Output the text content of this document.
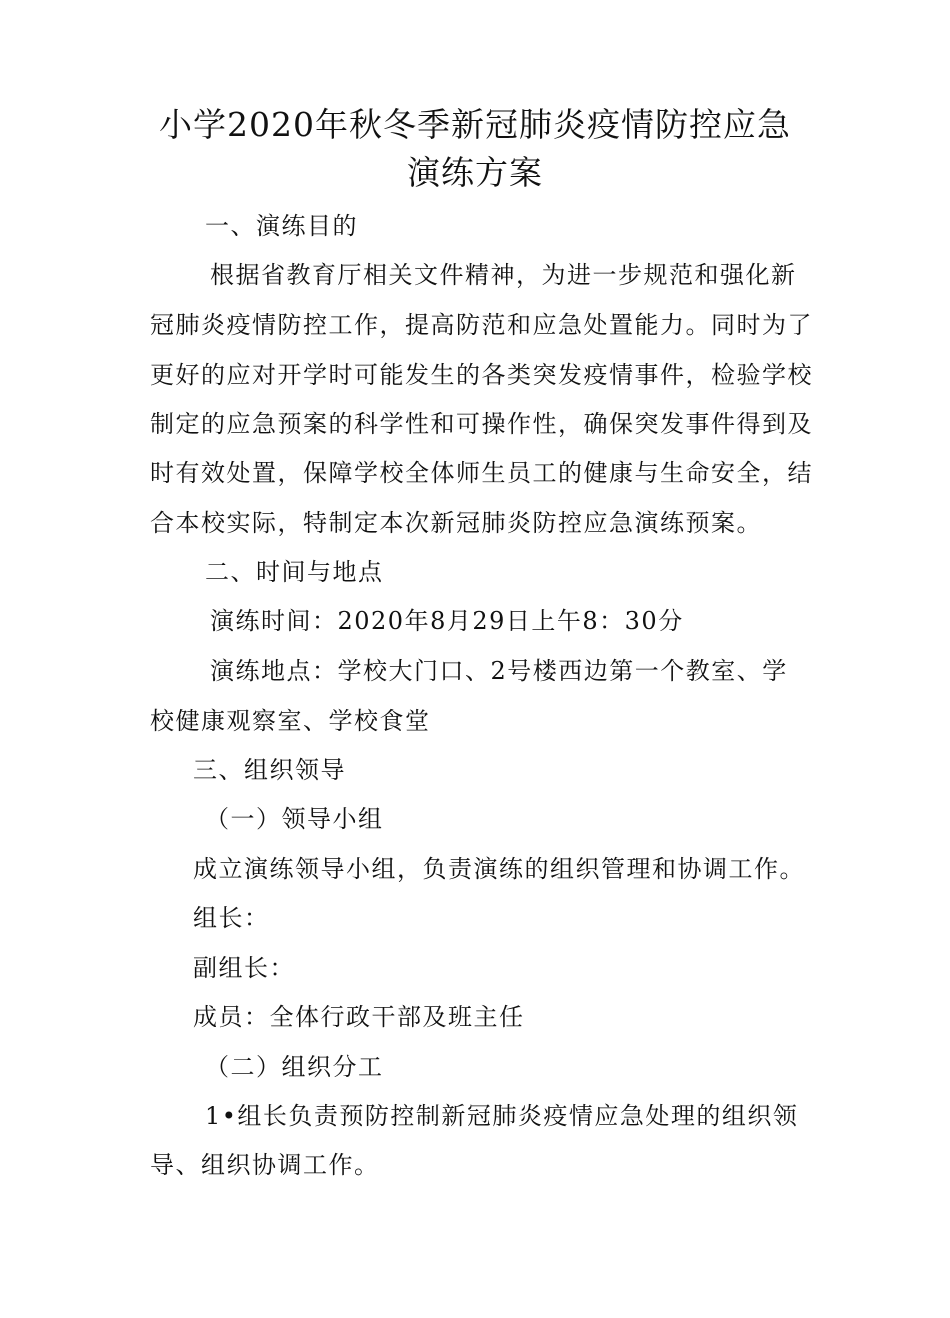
小学2020年秋冬季新冠肺炎疫情防控应急
演练方案

一、演练目的

根据省教育厅相关文件精神，为进一步规范和强化新

冠肺炎疫情防控工作，提高防范和应急处置能力。同时为了

更好的应对开学时可能发生的各类突发疫情事件，检验学校

制定的应急预案的科学性和可操作性，确保突发事件得到及

时有效处置，保障学校全体师生员工的健康与生命安全，结

合本校实际，特制定本次新冠肺炎防控应急演练预案。

二、时间与地点

演练时间：2020年8月29日上午8：30分

演练地点：学校大门口、2号楼西边第一个教室、学

校健康观察室、学校食堂

三、组织领导

（一）领导小组

成立演练领导小组，负责演练的组织管理和协调工作。

组长：

副组长：

成员：全体行政干部及班主任

（二）组织分工

1•组长负责预防控制新冠肺炎疫情应急处理的组织领

导、组织协调工作。
